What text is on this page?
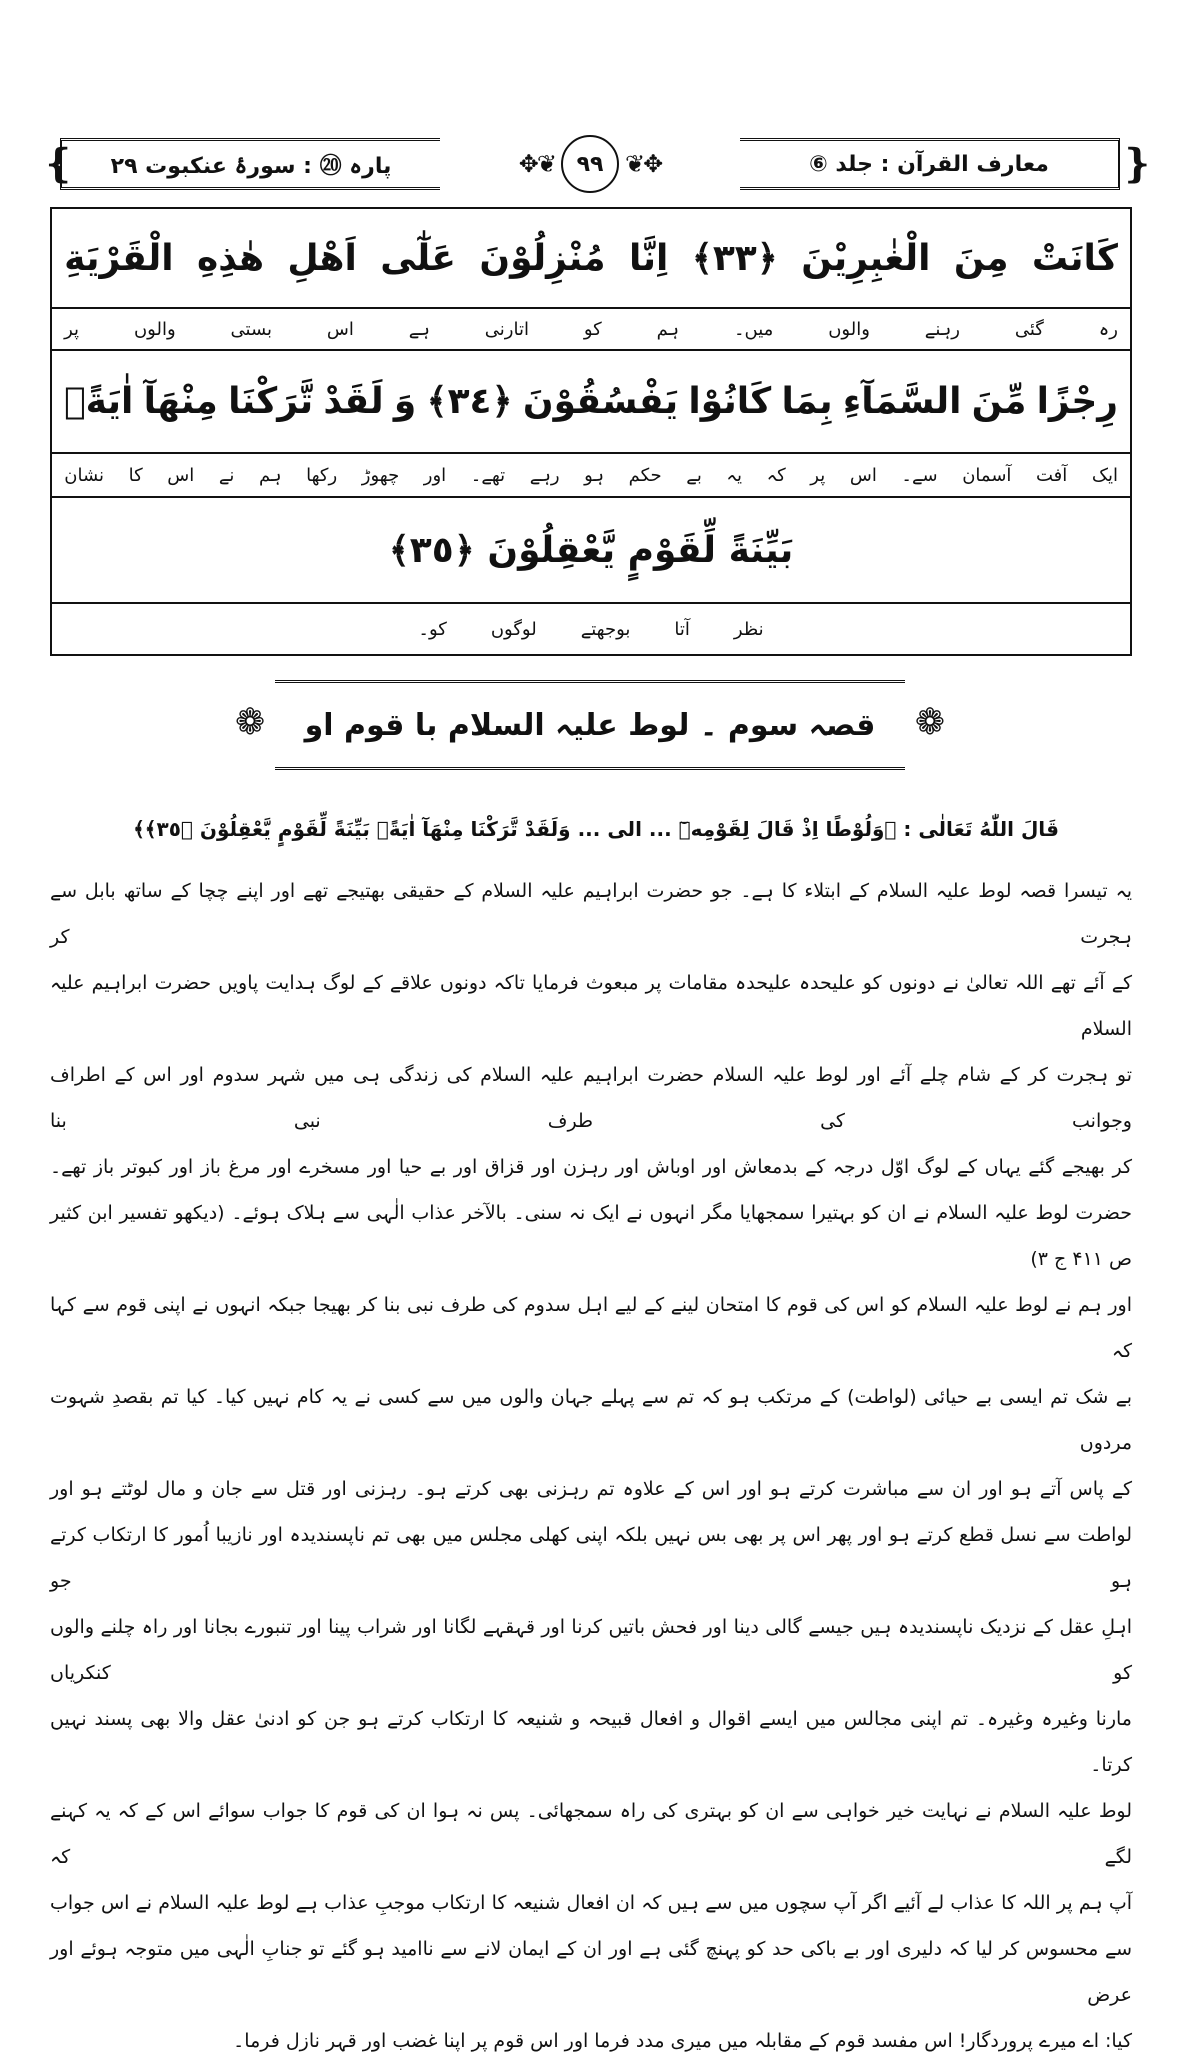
❴ پارہ ⑳ : سورۂ عنکبوت ۲۹	✥❦ ۹۹ ❦✥	معارف القرآن : جلد ⑥ ❵
كَانَتْ
مِنَ
الْغٰبِرِيْنَ
﴿٣٣﴾
اِنَّا
مُنْزِلُوْنَ
عَلٰٓى
اَهْلِ
هٰذِهِ
الْقَرْيَةِ
رہ
گئی
رہنے
والوں
میں۔
ہم
کو
اتارنی
ہے
اس
بستی
والوں
پر
رِجْزًا
مِّنَ
السَّمَآءِ
بِمَا
كَانُوْا
يَفْسُقُوْنَ
﴿٣٤﴾
وَ
لَقَدْ
تَّرَكْنَا
مِنْهَآ
اٰيَةًۢ
ایک
آفت
آسمان
سے۔
اس
پر
کہ
یہ
بے
حکم
ہو
رہے
تھے۔
اور
چھوڑ
رکھا
ہم
نے
اس
کا
نشان
بَيِّنَةً لِّقَوْمٍ يَّعْقِلُوْنَ ﴿٣٥﴾
نظر
آتا
بوجھتے
لوگوں
کو۔
❁ قصہ سوم ۔ لوط علیہ السلام با قوم او ❁
قَالَ اللّٰهُ تَعَالٰى : ﴿وَلُوْطًا اِذْ قَالَ لِقَوْمِهٖٓ ... الى ... وَلَقَدْ تَّرَكْنَا مِنْهَآ اٰيَةًۢ بَيِّنَةً لِّقَوْمٍ يَّعْقِلُوْنَ ﴿٣٥﴾﴾
یہ تیسرا قصہ لوط علیہ السلام کے ابتلاء کا ہے۔ جو حضرت ابراہیم علیہ السلام کے حقیقی بھتیجے تھے اور اپنے چچا کے ساتھ بابل سے ہجرت کر
کے آئے تھے اللہ تعالیٰ نے دونوں کو علیحدہ علیحدہ مقامات پر مبعوث فرمایا تاکہ دونوں علاقے کے لوگ ہدایت پاویں حضرت ابراہیم علیہ السلام
تو ہجرت کر کے شام چلے آئے اور لوط علیہ السلام حضرت ابراہیم علیہ السلام کی زندگی ہی میں شہر سدوم اور اس کے اطراف وجوانب کی طرف نبی بنا
کر بھیجے گئے یہاں کے لوگ اوّل درجہ کے بدمعاش اور اوباش اور رہزن اور قزاق اور بے حیا اور مسخرے اور مرغ باز اور کبوتر باز تھے۔
حضرت لوط علیہ السلام نے ان کو بہتیرا سمجھایا مگر انہوں نے ایک نہ سنی۔ بالآخر عذاب الٰہی سے ہلاک ہوئے۔ (دیکھو تفسیر ابن کثیر ص ۴۱۱ ج ۳)
اور ہم نے لوط علیہ السلام کو اس کی قوم کا امتحان لینے کے لیے اہل سدوم کی طرف نبی بنا کر بھیجا جبکہ انہوں نے اپنی قوم سے کہا کہ
بے شک تم ایسی بے حیائی (لواطت) کے مرتکب ہو کہ تم سے پہلے جہان والوں میں سے کسی نے یہ کام نہیں کیا۔ کیا تم بقصدِ شہوت مردوں
کے پاس آتے ہو اور ان سے مباشرت کرتے ہو اور اس کے علاوہ تم رہزنی بھی کرتے ہو۔ رہزنی اور قتل سے جان و مال لوٹتے ہو اور
لواطت سے نسل قطع کرتے ہو اور پھر اس پر بھی بس نہیں بلکہ اپنی کھلی مجلس میں بھی تم ناپسندیدہ اور نازیبا اُمور کا ارتکاب کرتے ہو جو
اہلِ عقل کے نزدیک ناپسندیدہ ہیں جیسے گالی دینا اور فحش باتیں کرنا اور قہقہے لگانا اور شراب پینا اور تنبورے بجانا اور راہ چلنے والوں کو کنکریاں
مارنا وغیرہ وغیرہ۔ تم اپنی مجالس میں ایسے اقوال و افعال قبیحہ و شنیعہ کا ارتکاب کرتے ہو جن کو ادنیٰ عقل والا بھی پسند نہیں کرتا۔
لوط علیہ السلام نے نہایت خیر خواہی سے ان کو بہتری کی راہ سمجھائی۔ پس نہ ہوا ان کی قوم کا جواب سوائے اس کے کہ یہ کہنے لگے کہ
آپ ہم پر اللہ کا عذاب لے آئیے اگر آپ سچوں میں سے ہیں کہ ان افعال شنیعہ کا ارتکاب موجبِ عذاب ہے لوط علیہ السلام نے اس جواب
سے محسوس کر لیا کہ دلیری اور بے باکی حد کو پہنچ گئی ہے اور ان کے ایمان لانے سے ناامید ہو گئے تو جنابِ الٰہی میں متوجہ ہوئے اور عرض
کیا: اے میرے پروردگار! اس مفسد قوم کے مقابلہ میں میری مدد فرما اور اس قوم پر اپنا غضب اور قہر نازل فرما۔
